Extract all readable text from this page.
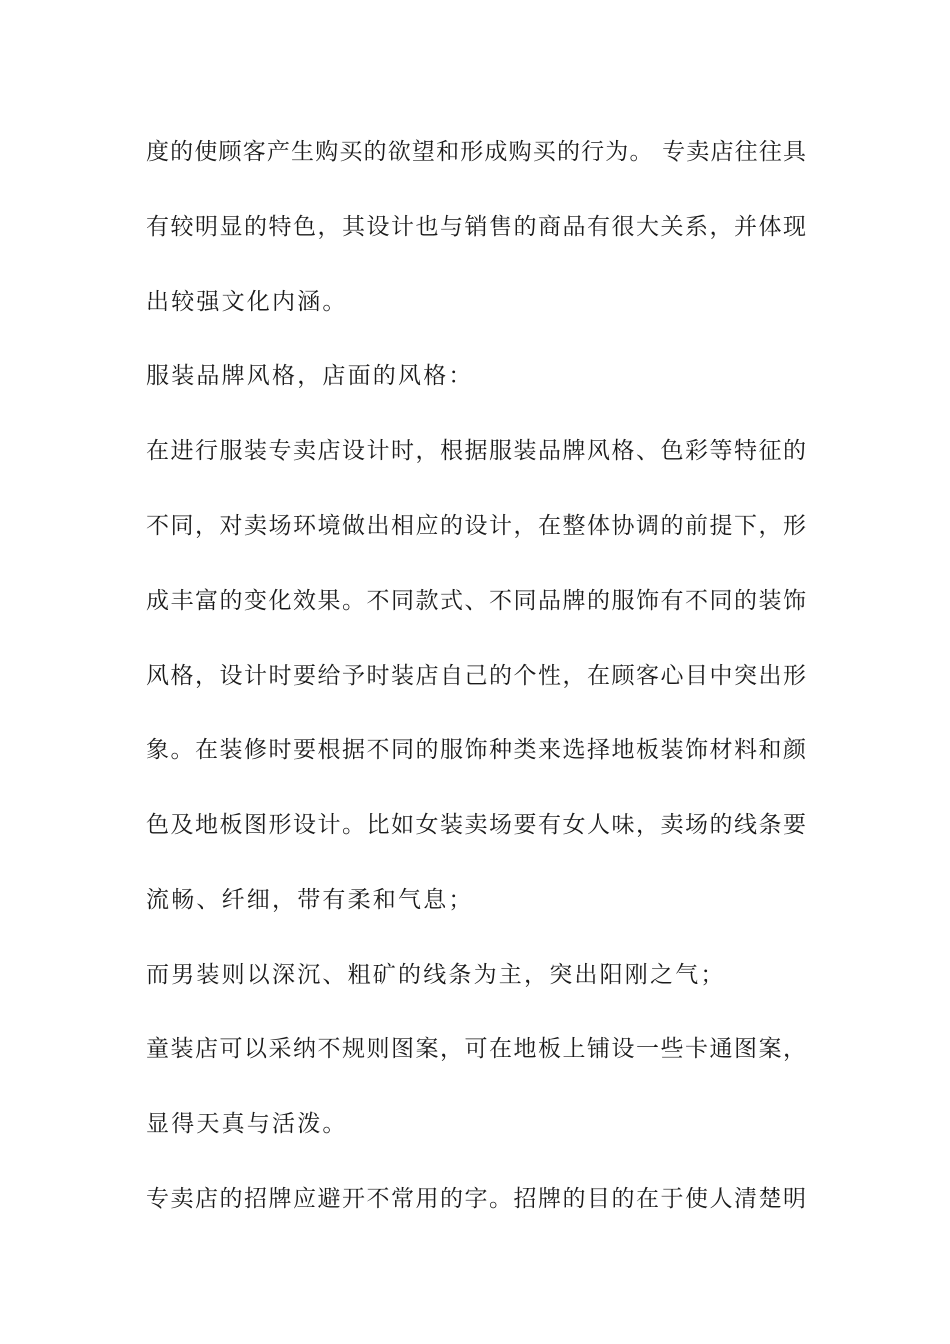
度的使顾客产生购买的欲望和形成购买的行为。 专卖店往往具
有较明显的特色，其设计也与销售的商品有很大关系，并体现
出较强文化内涵。
服装品牌风格，店面的风格：
在进行服装专卖店设计时，根据服装品牌风格、色彩等特征的
不同，对卖场环境做出相应的设计，在整体协调的前提下，形
成丰富的变化效果。不同款式、不同品牌的服饰有不同的装饰
风格，设计时要给予时装店自己的个性，在顾客心目中突出形
象。在装修时要根据不同的服饰种类来选择地板装饰材料和颜
色及地板图形设计。比如女装卖场要有女人味，卖场的线条要
流畅、纤细，带有柔和气息；
而男装则以深沉、粗矿的线条为主，突出阳刚之气；
童装店可以采纳不规则图案，可在地板上铺设一些卡通图案，
显得天真与活泼。
专卖店的招牌应避开不常用的字。招牌的目的在于使人清楚明
